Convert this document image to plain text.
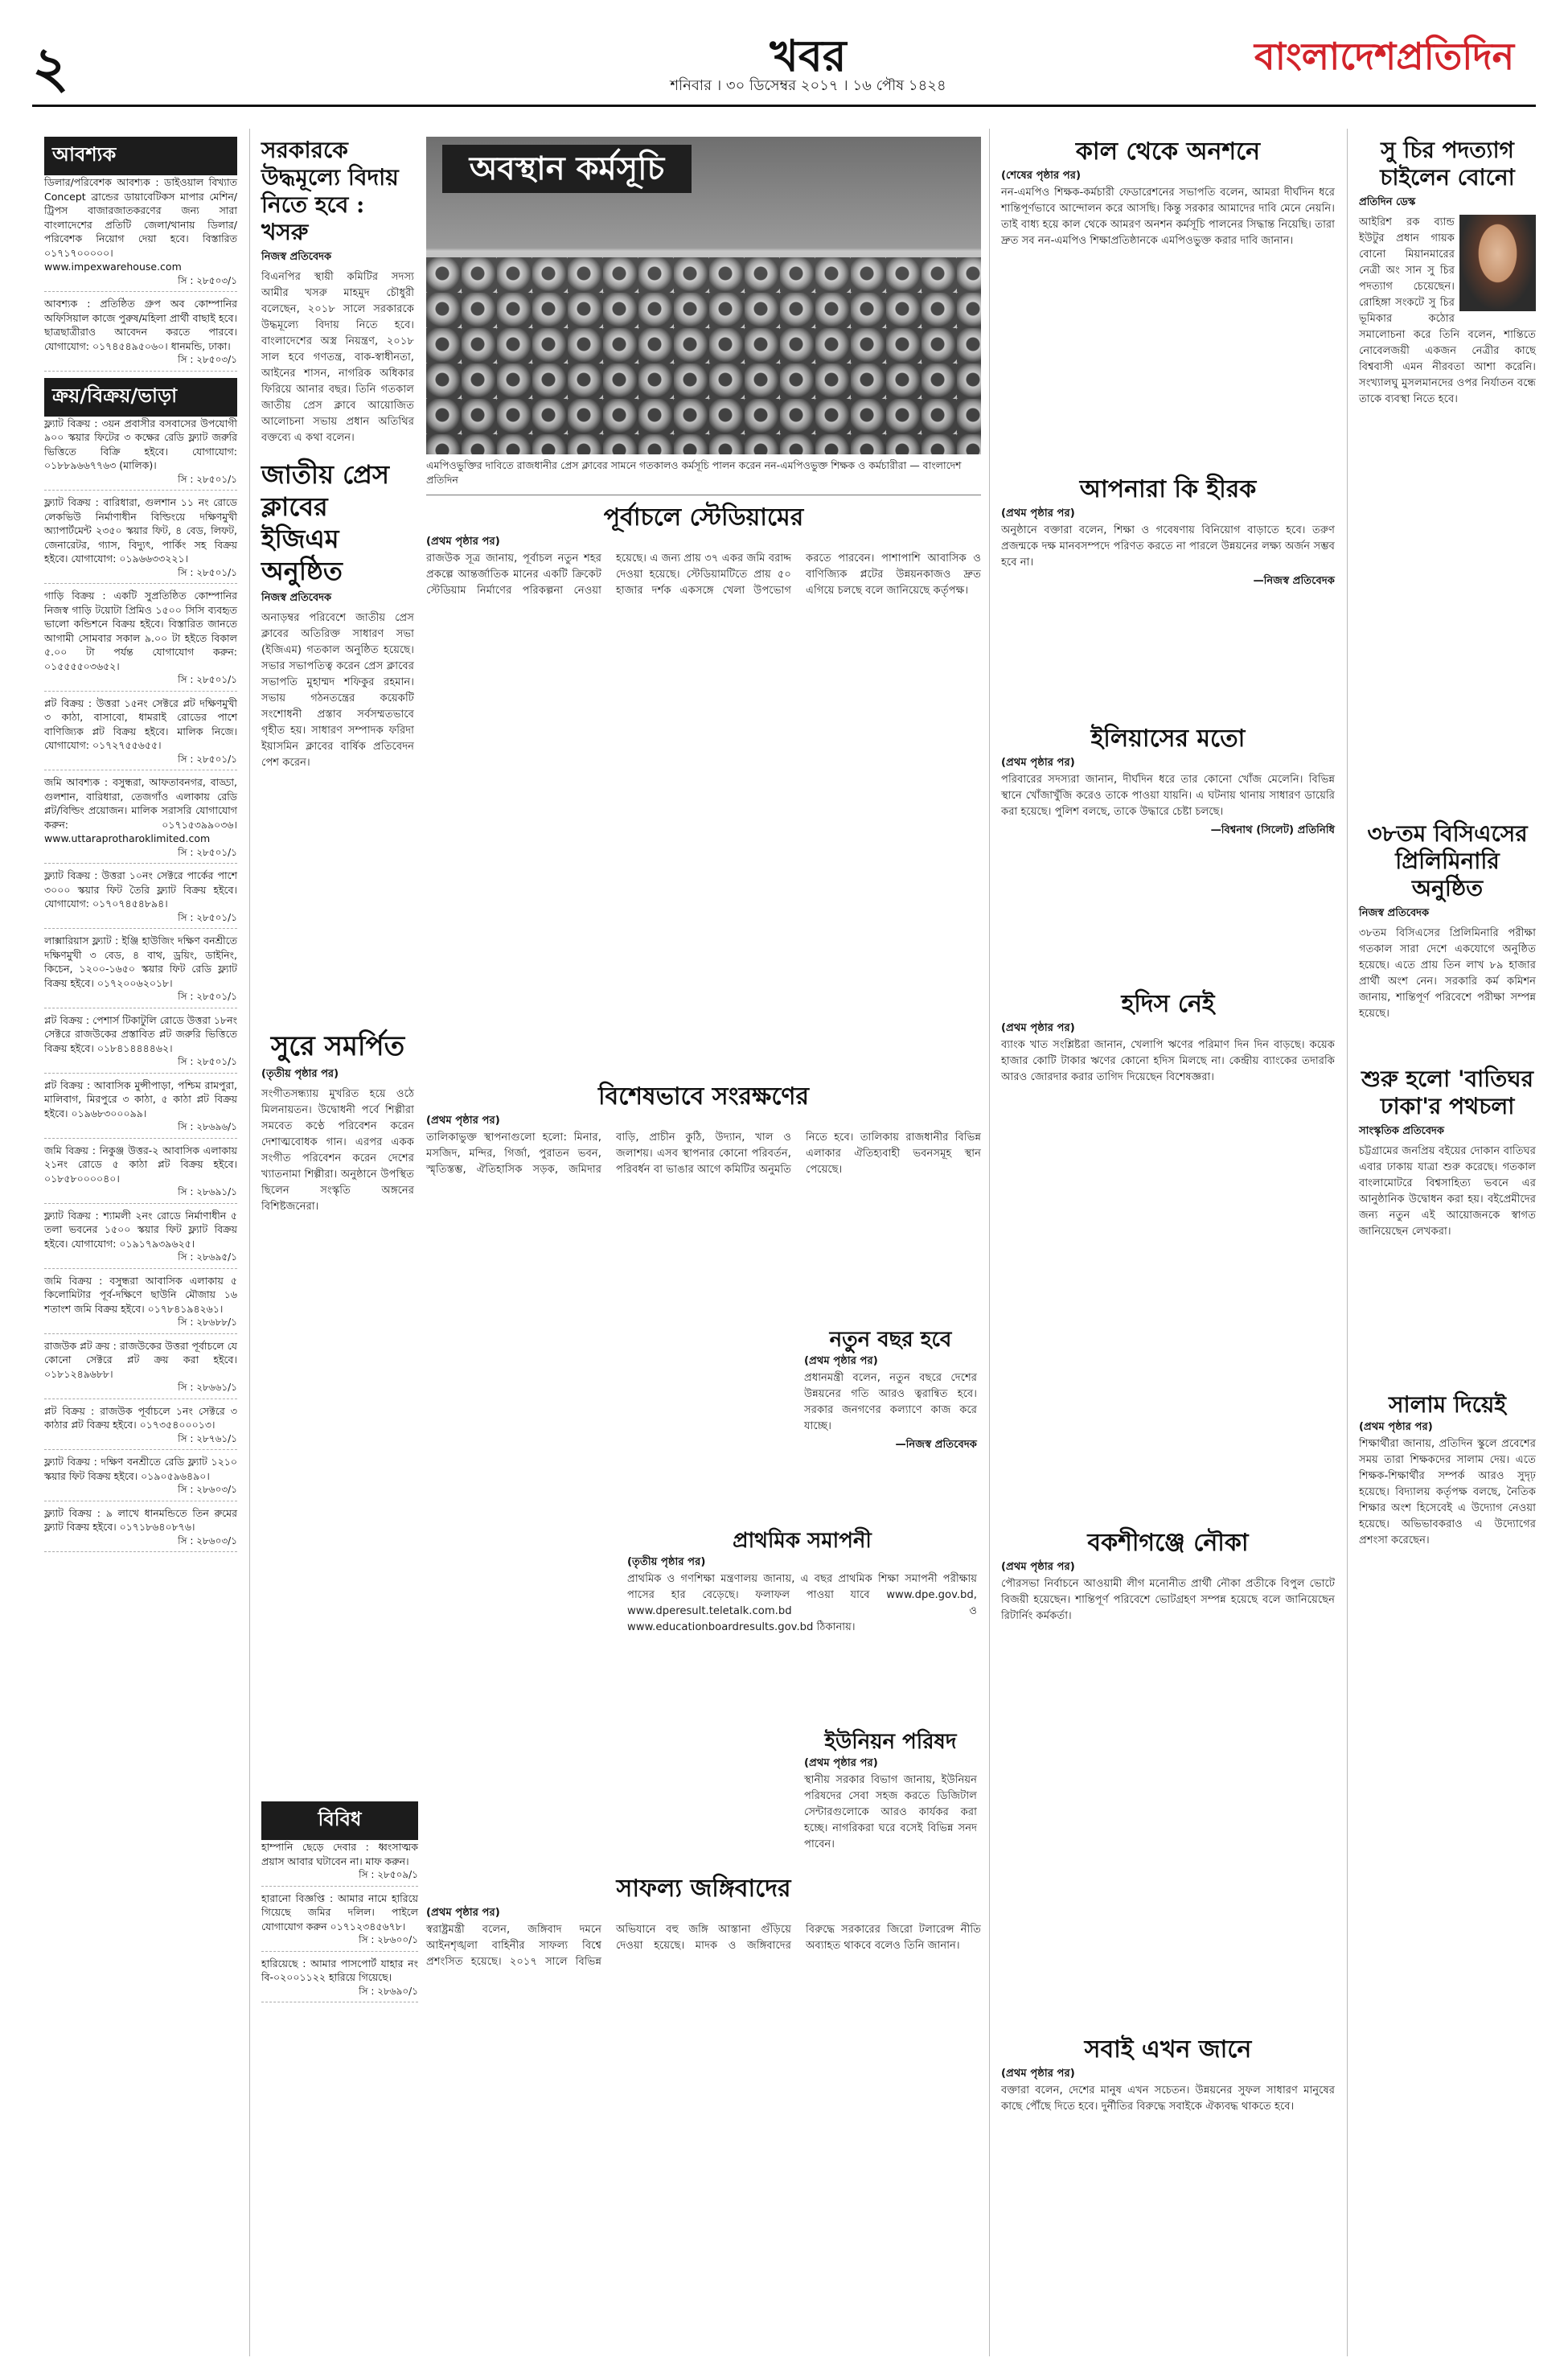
২	খবর
শনিবার । ৩০ ডিসেম্বর ২০১৭ । ১৬ পৌষ ১৪২৪
বাংলাদেশপ্রতিদিন
আবশ্যক
ডিলার/পরিবেশক আবশ্যক : ডাইওয়াল বিখ্যাত Concept ব্রান্ডের ডায়াবেটিকস মাপার মেশিন/ট্রিপস বাজারজাতকরণের জন্য সারা বাংলাদেশের প্রতিটি জেলা/থানায় ডিলার/পরিবেশক নিয়োগ দেয়া হবে। বিস্তারিত ০১৭১৭০০০০০। www.impexwarehouse.com
সি : ২৮৫০৩/১
আবশ্যক : প্রতিষ্ঠিত গ্রুপ অব কোম্পানির অফিসিয়াল কাজে পুরুষ/মহিলা প্রার্থী বাছাই হবে। ছাত্রছাত্রীরাও আবেদন করতে পারবে। যোগাযোগ: ০১৭৪৫৪৯৫০৬০। ধানমন্ডি, ঢাকা।
সি : ২৮৫০৩/১
ক্রয়/বিক্রয়/ভাড়া
ফ্ল্যাট বিক্রয় : ৩য়ন প্রবাসীর বসবাসের উপযোগী ৯০০ স্কয়ার ফিটের ৩ কক্ষের রেডি ফ্ল্যাট জরুরি ভিত্তিতে বিক্রি হইবে। যোগাযোগ: ০১৮৮৯৬৬৭৭৬৩ (মালিক)।
সি : ২৮৫০১/১
ফ্ল্যাট বিক্রয় : বারিধারা, গুলশান ১১ নং রোডে লেকভিউ নির্মাণাধীন বিল্ডিংয়ে দক্ষিণমুখী অ্যাপার্টমেন্ট ২৩৫০ স্কয়ার ফিট, ৪ বেড, লিফট, জেনারেটর, গ্যাস, বিদ্যুৎ, পার্কিং সহ বিক্রয় হইবে। যোগাযোগ: ০১৯৬৬৩৩২২১।
সি : ২৮৫০১/১
গাড়ি বিক্রয় : একটি সুপ্রতিষ্ঠিত কোম্পানির নিজস্ব গাড়ি টয়োটা প্রিমিও ১৫০০ সিসি ব্যবহৃত ভালো কন্ডিশনে বিক্রয় হইবে। বিস্তারিত জানতে আগামী সোমবার সকাল ৯.০০ টা হইতে বিকাল ৫.০০ টা পর্যন্ত যোগাযোগ করুন: ০১৫৫৫৫০৩৬৫২।
সি : ২৮৫০১/১
প্লট বিক্রয় : উত্তরা ১৫নং সেক্টরে প্লট দক্ষিণমুখী ৩ কাঠা, বাসাবো, ধামরাই রোডের পাশে বাণিজ্যিক প্লট বিক্রয় হইবে। মালিক নিজে। যোগাযোগ: ০১৭২৭৫৫৬৫৫।
সি : ২৮৫০১/১
জমি আবশ্যক : বসুন্ধরা, আফতাবনগর, বাড্ডা, গুলশান, বারিধারা, তেজগাঁও এলাকায় রেডি প্লট/বিল্ডিং প্রয়োজন। মালিক সরাসরি যোগাযোগ করুন: ০১৭১৫৩৯৯০৩৬। www.uttaraprotharoklimited.com
সি : ২৮৫০১/১
ফ্ল্যাট বিক্রয় : উত্তরা ১০নং সেক্টরে পার্কের পাশে ৩০০০ স্কয়ার ফিট তৈরি ফ্ল্যাট বিক্রয় হইবে। যোগাযোগ: ০১৭০৭৪৫৪৮৯৪।
সি : ২৮৫০১/১
লাক্সারিয়াস ফ্ল্যাট : ইঞ্জি হাউজিং দক্ষিণ বনশ্রীতে দক্ষিণমুখী ৩ বেড, ৪ বাথ, ড্রয়িং, ডাইনিং, কিচেন, ১২০০-১৬৫০ স্কয়ার ফিট রেডি ফ্ল্যাট বিক্রয় হইবে। ০১৭২০০৬২০১৮।
সি : ২৮৫০১/১
প্লট বিক্রয় : পেশার্স টিকাটুলি রোডে উত্তরা ১৮নং সেক্টরে রাজউকের প্রস্তাবিত প্লট জরুরি ভিত্তিতে বিক্রয় হইবে। ০১৮৪১৪৪৪৪৬২।
সি : ২৮৫০১/১
প্লট বিক্রয় : আবাসিক মুন্সীপাড়া, পশ্চিম রামপুরা, মালিবাগ, মিরপুরে ৩ কাঠা, ৫ কাঠা প্লট বিক্রয় হইবে। ০১৯৬৮৩০০০৯৯।
সি : ২৮৬৯৬/১
জমি বিক্রয় : নিকুঞ্জ উত্তর-২ আবাসিক এলাকায় ২১নং রোডে ৫ কাঠা প্লট বিক্রয় হইবে। ০১৮৫৮০০০০৪০।
সি : ২৮৬৯১/১
ফ্ল্যাট বিক্রয় : শ্যামলী ২নং রোডে নির্মাণাধীন ৫ তলা ভবনের ১৫০০ স্কয়ার ফিট ফ্ল্যাট বিক্রয় হইবে। যোগাযোগ: ০১৯১৭৯৩৯৬২৫।
সি : ২৮৬৯৫/১
জমি বিক্রয় : বসুন্ধরা আবাসিক এলাকায় ৫ কিলোমিটার পূর্ব-দক্ষিণে ছাউনি মৌজায় ১৬ শতাংশ জমি বিক্রয় হইবে। ০১৭৮৪১৯৪২৬১।
সি : ২৮৬৮৮/১
রাজউক প্লট ক্রয় : রাজউকের উত্তরা পূর্বাচলে যে কোনো সেক্টরে প্লট ক্রয় করা হইবে। ০১৮১২৪৯৬৮৮।
সি : ২৮৬৬১/১
প্লট বিক্রয় : রাজউক পূর্বাচলে ১নং সেক্টরে ৩ কাঠার প্লট বিক্রয় হইবে। ০১৭৩৫৪০০০১৩।
সি : ২৮৭৬১/১
ফ্ল্যাট বিক্রয় : দক্ষিণ বনশ্রীতে রেডি ফ্ল্যাট ১২১০ স্কয়ার ফিট বিক্রয় হইবে। ০১৯০৫৯৬৪৯০।
সি : ২৮৬০৩/১
ফ্ল্যাট বিক্রয় : ৯ লাখে ধানমন্ডিতে তিন রুমের ফ্ল্যাট বিক্রয় হইবে। ০১৭১৮৬৪০৮৭৬।
সি : ২৮৬০৩/১
সরকারকে উদ্ধমূল্যে বিদায় নিতে হবে : খসরু
নিজস্ব প্রতিবেদক
বিএনপির স্থায়ী কমিটির সদস্য আমীর খসরু মাহমুদ চৌধুরী বলেছেন, ২০১৮ সালে সরকারকে উদ্ধমূল্যে বিদায় নিতে হবে। বাংলাদেশের অস্ত্র নিয়ন্ত্রণ, ২০১৮ সাল হবে গণতন্ত্র, বাক-স্বাধীনতা, আইনের শাসন, নাগরিক অধিকার ফিরিয়ে আনার বছর। তিনি গতকাল জাতীয় প্রেস ক্লাবে আয়োজিত আলোচনা সভায় প্রধান অতিথির বক্তব্যে এ কথা বলেন।
জাতীয় প্রেস ক্লাবের ইজিএম অনুষ্ঠিত
নিজস্ব প্রতিবেদক
অনাড়ম্বর পরিবেশে জাতীয় প্রেস ক্লাবের অতিরিক্ত সাধারণ সভা (ইজিএম) গতকাল অনুষ্ঠিত হয়েছে। সভার সভাপতিত্ব করেন প্রেস ক্লাবের সভাপতি মুহাম্মদ শফিকুর রহমান। সভায় গঠনতন্ত্রের কয়েকটি সংশোধনী প্রস্তাব সর্বসম্মতভাবে গৃহীত হয়। সাধারণ সম্পাদক ফরিদা ইয়াসমিন ক্লাবের বার্ষিক প্রতিবেদন পেশ করেন।
সুরে সমর্পিত
(তৃতীয় পৃষ্ঠার পর)
সংগীতসন্ধ্যায় মুখরিত হয়ে ওঠে মিলনায়তন। উদ্বোধনী পর্বে শিল্পীরা সমবেত কণ্ঠে পরিবেশন করেন দেশাত্মবোধক গান। এরপর একক সংগীত পরিবেশন করেন দেশের খ্যাতনামা শিল্পীরা। অনুষ্ঠানে উপস্থিত ছিলেন সংস্কৃতি অঙ্গনের বিশিষ্টজনেরা।
বিবিধ
হাম্পানি ছেড়ে দেবার : ধ্বংসাত্মক প্রয়াস আবার ঘটাবেন না। মাফ করুন।
সি : ২৮৫০৯/১
হারানো বিজ্ঞপ্তি : আমার নামে হারিয়ে গিয়েছে জমির দলিল। পাইলে যোগাযোগ করুন ০১৭১২৩৪৫৬৭৮।
সি : ২৮৬০০/১
হারিয়েছে : আমার পাসপোর্ট যাহার নং বি-০২০০১১২২ হারিয়ে গিয়েছে।
সি : ২৮৬৯০/১
অবস্থান কর্মসূচি
এমপিওভুক্তির দাবিতে রাজধানীর প্রেস ক্লাবের সামনে গতকালও কর্মসূচি পালন করেন নন-এমপিওভুক্ত শিক্ষক ও কর্মচারীরা — বাংলাদেশ প্রতিদিন
পূর্বাচলে স্টেডিয়ামের
(প্রথম পৃষ্ঠার পর)
রাজউক সূত্র জানায়, পূর্বাচল নতুন শহর প্রকল্পে আন্তর্জাতিক মানের একটি ক্রিকেট স্টেডিয়াম নির্মাণের পরিকল্পনা নেওয়া হয়েছে। এ জন্য প্রায় ৩৭ একর জমি বরাদ্দ দেওয়া হয়েছে। স্টেডিয়ামটিতে প্রায় ৫০ হাজার দর্শক একসঙ্গে খেলা উপভোগ করতে পারবেন। পাশাপাশি আবাসিক ও বাণিজ্যিক প্লটের উন্নয়নকাজও দ্রুত এগিয়ে চলছে বলে জানিয়েছে কর্তৃপক্ষ।
বিশেষভাবে সংরক্ষণের
(প্রথম পৃষ্ঠার পর)
তালিকাভুক্ত স্থাপনাগুলো হলো: মিনার, মসজিদ, মন্দির, গির্জা, পুরাতন ভবন, স্মৃতিস্তম্ভ, ঐতিহাসিক সড়ক, জমিদার বাড়ি, প্রাচীন কুঠি, উদ্যান, খাল ও জলাশয়। এসব স্থাপনার কোনো পরিবর্তন, পরিবর্ধন বা ভাঙার আগে কমিটির অনুমতি নিতে হবে। তালিকায় রাজধানীর বিভিন্ন এলাকার ঐতিহ্যবাহী ভবনসমূহ স্থান পেয়েছে।
সাফল্য জঙ্গিবাদের
(প্রথম পৃষ্ঠার পর)
স্বরাষ্ট্রমন্ত্রী বলেন, জঙ্গিবাদ দমনে আইনশৃঙ্খলা বাহিনীর সাফল্য বিশ্বে প্রশংসিত হয়েছে। ২০১৭ সালে বিভিন্ন অভিযানে বহু জঙ্গি আস্তানা গুঁড়িয়ে দেওয়া হয়েছে। মাদক ও জঙ্গিবাদের বিরুদ্ধে সরকারের জিরো টলারেন্স নীতি অব্যাহত থাকবে বলেও তিনি জানান।
নতুন বছর হবে
(প্রথম পৃষ্ঠার পর)
প্রধানমন্ত্রী বলেন, নতুন বছরে দেশের উন্নয়নের গতি আরও ত্বরান্বিত হবে। সরকার জনগণের কল্যাণে কাজ করে যাচ্ছে।
—নিজস্ব প্রতিবেদক
প্রাথমিক সমাপনী
(তৃতীয় পৃষ্ঠার পর)
প্রাথমিক ও গণশিক্ষা মন্ত্রণালয় জানায়, এ বছর প্রাথমিক শিক্ষা সমাপনী পরীক্ষায় পাসের হার বেড়েছে। ফলাফল পাওয়া যাবে www.dpe.gov.bd, www.dperesult.teletalk.com.bd ও www.educationboardresults.gov.bd ঠিকানায়।
ইউনিয়ন পরিষদ
(প্রথম পৃষ্ঠার পর)
স্থানীয় সরকার বিভাগ জানায়, ইউনিয়ন পরিষদের সেবা সহজ করতে ডিজিটাল সেন্টারগুলোকে আরও কার্যকর করা হচ্ছে। নাগরিকরা ঘরে বসেই বিভিন্ন সনদ পাবেন।
কাল থেকে অনশনে
(শেষের পৃষ্ঠার পর)
নন-এমপিও শিক্ষক-কর্মচারী ফেডারেশনের সভাপতি বলেন, আমরা দীর্ঘদিন ধরে শান্তিপূর্ণভাবে আন্দোলন করে আসছি। কিন্তু সরকার আমাদের দাবি মেনে নেয়নি। তাই বাধ্য হয়ে কাল থেকে আমরণ অনশন কর্মসূচি পালনের সিদ্ধান্ত নিয়েছি। তারা দ্রুত সব নন-এমপিও শিক্ষাপ্রতিষ্ঠানকে এমপিওভুক্ত করার দাবি জানান।
আপনারা কি হীরক
(প্রথম পৃষ্ঠার পর)
অনুষ্ঠানে বক্তারা বলেন, শিক্ষা ও গবেষণায় বিনিয়োগ বাড়াতে হবে। তরুণ প্রজন্মকে দক্ষ মানবসম্পদে পরিণত করতে না পারলে উন্নয়নের লক্ষ্য অর্জন সম্ভব হবে না।
—নিজস্ব প্রতিবেদক
ইলিয়াসের মতো
(প্রথম পৃষ্ঠার পর)
পরিবারের সদস্যরা জানান, দীর্ঘদিন ধরে তার কোনো খোঁজ মেলেনি। বিভিন্ন স্থানে খোঁজাখুঁজি করেও তাকে পাওয়া যায়নি। এ ঘটনায় থানায় সাধারণ ডায়েরি করা হয়েছে। পুলিশ বলছে, তাকে উদ্ধারে চেষ্টা চলছে।
—বিশ্বনাথ (সিলেট) প্রতিনিধি
হদিস নেই
(প্রথম পৃষ্ঠার পর)
ব্যাংক খাত সংশ্লিষ্টরা জানান, খেলাপি ঋণের পরিমাণ দিন দিন বাড়ছে। কয়েক হাজার কোটি টাকার ঋণের কোনো হদিস মিলছে না। কেন্দ্রীয় ব্যাংকের তদারকি আরও জোরদার করার তাগিদ দিয়েছেন বিশেষজ্ঞরা।
বকশীগঞ্জে নৌকা
(প্রথম পৃষ্ঠার পর)
পৌরসভা নির্বাচনে আওয়ামী লীগ মনোনীত প্রার্থী নৌকা প্রতীকে বিপুল ভোটে বিজয়ী হয়েছেন। শান্তিপূর্ণ পরিবেশে ভোটগ্রহণ সম্পন্ন হয়েছে বলে জানিয়েছেন রিটার্নিং কর্মকর্তা।
সবাই এখন জানে
(প্রথম পৃষ্ঠার পর)
বক্তারা বলেন, দেশের মানুষ এখন সচেতন। উন্নয়নের সুফল সাধারণ মানুষের কাছে পৌঁছে দিতে হবে। দুর্নীতির বিরুদ্ধে সবাইকে ঐক্যবদ্ধ থাকতে হবে।
সু চির পদত্যাগ চাইলেন বোনো
প্রতিদিন ডেস্ক
আইরিশ রক ব্যান্ড ইউটুর প্রধান গায়ক বোনো মিয়ানমারের নেত্রী অং সান সু চির পদত্যাগ চেয়েছেন। রোহিঙ্গা সংকটে সু চির ভূমিকার কঠোর সমালোচনা করে তিনি বলেন, শান্তিতে নোবেলজয়ী একজন নেত্রীর কাছে বিশ্ববাসী এমন নীরবতা আশা করেনি। সংখ্যালঘু মুসলমানদের ওপর নির্যাতন বন্ধে তাকে ব্যবস্থা নিতে হবে।
৩৮তম বিসিএসের প্রিলিমিনারি অনুষ্ঠিত
নিজস্ব প্রতিবেদক
৩৮তম বিসিএসের প্রিলিমিনারি পরীক্ষা গতকাল সারা দেশে একযোগে অনুষ্ঠিত হয়েছে। এতে প্রায় তিন লাখ ৮৯ হাজার প্রার্থী অংশ নেন। সরকারি কর্ম কমিশন জানায়, শান্তিপূর্ণ পরিবেশে পরীক্ষা সম্পন্ন হয়েছে।
শুরু হলো 'বাতিঘর ঢাকা'র পথচলা
সাংস্কৃতিক প্রতিবেদক
চট্টগ্রামের জনপ্রিয় বইয়ের দোকান বাতিঘর এবার ঢাকায় যাত্রা শুরু করেছে। গতকাল বাংলামোটরে বিশ্বসাহিত্য ভবনে এর আনুষ্ঠানিক উদ্বোধন করা হয়। বইপ্রেমীদের জন্য নতুন এই আয়োজনকে স্বাগত জানিয়েছেন লেখকরা।
সালাম দিয়েই
(প্রথম পৃষ্ঠার পর)
শিক্ষার্থীরা জানায়, প্রতিদিন স্কুলে প্রবেশের সময় তারা শিক্ষকদের সালাম দেয়। এতে শিক্ষক-শিক্ষার্থীর সম্পর্ক আরও সুদৃঢ় হয়েছে। বিদ্যালয় কর্তৃপক্ষ বলছে, নৈতিক শিক্ষার অংশ হিসেবেই এ উদ্যোগ নেওয়া হয়েছে। অভিভাবকরাও এ উদ্যোগের প্রশংসা করেছেন।
